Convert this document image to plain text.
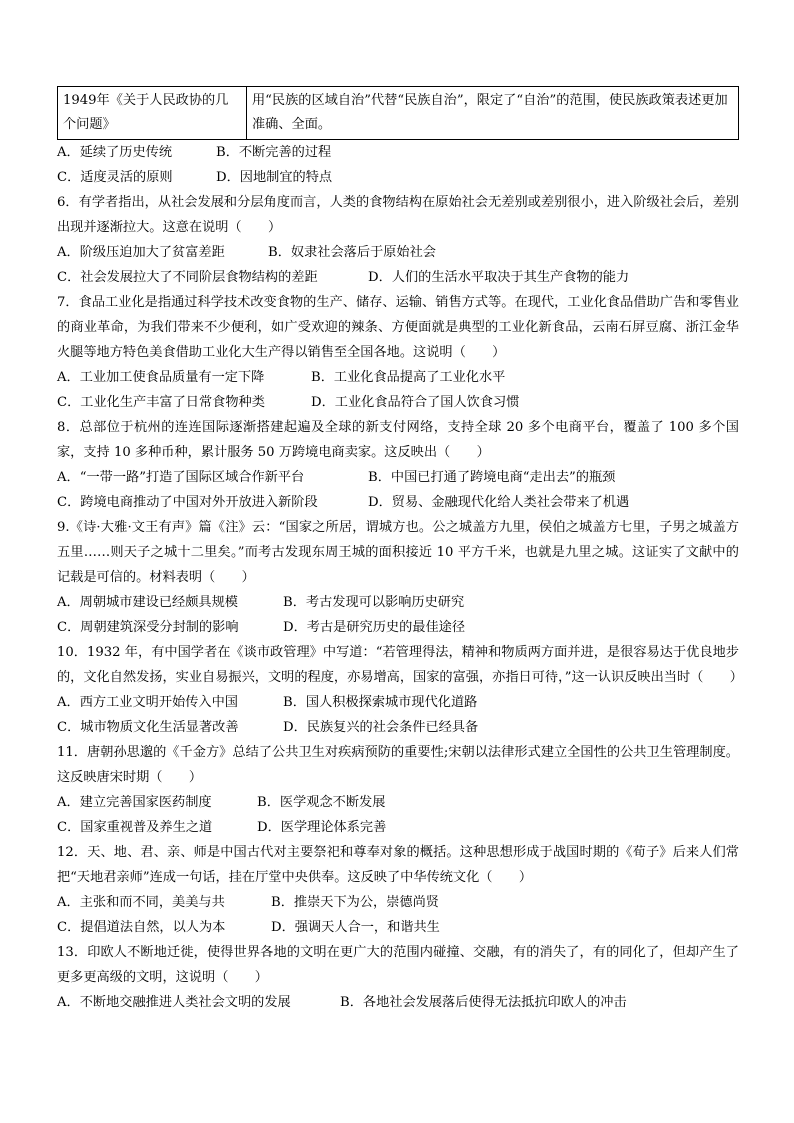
1949年《关于人民政协的几个问题》	用“民族的区域自治”代替“民族自治”，限定了“自治”的范围，使民族政策表述更加准确、全面。
A．延续了历史传统	B．不断完善的过程
C．适度灵活的原则	D．因地制宜的特点
6．有学者指出，从社会发展和分层角度而言，人类的食物结构在原始社会无差别或差别很小，进入阶级社会后，差别出现并逐渐拉大。这意在说明（　　）
A．阶级压迫加大了贫富差距	B．奴隶社会落后于原始社会
C．社会发展拉大了不同阶层食物结构的差距	D．人们的生活水平取决于其生产食物的能力
7．食品工业化是指通过科学技术改变食物的生产、储存、运输、销售方式等。在现代，工业化食品借助广告和零售业的商业革命，为我们带来不少便利，如广受欢迎的辣条、方便面就是典型的工业化新食品，云南石屏豆腐、浙江金华火腿等地方特色美食借助工业化大生产得以销售至全国各地。这说明（　　）
A．工业加工使食品质量有一定下降	B．工业化食品提高了工业化水平
C．工业化生产丰富了日常食物种类	D．工业化食品符合了国人饮食习惯
8．总部位于杭州的连连国际逐渐搭建起遍及全球的新支付网络，支持全球 20 多个电商平台，覆盖了 100 多个国家，支持 10 多种币种，累计服务 50 万跨境电商卖家。这反映出（　　）
A．“一带一路”打造了国际区域合作新平台	B．中国已打通了跨境电商“走出去”的瓶颈
C．跨境电商推动了中国对外开放进入新阶段	D．贸易、金融现代化给人类社会带来了机遇
9.《诗·大雅·文王有声》篇《注》云：“国家之所居，谓城方也。公之城盖方九里，侯伯之城盖方七里，子男之城盖方五里……则天子之城十二里矣。”而考古发现东周王城的面积接近 10 平方千米，也就是九里之城。这证实了文献中的记载是可信的。材料表明（　　）
A．周朝城市建设已经颇具规模	B．考古发现可以影响历史研究
C．周朝建筑深受分封制的影响	D．考古是研究历史的最佳途径
10．1932 年，有中国学者在《谈市政管理》中写道：“若管理得法，精神和物质两方面并进，是很容易达于优良地步的，文化自然发扬，实业自易振兴，文明的程度，亦易增高，国家的富强，亦指日可待，”这一认识反映出当时（　　）
A．西方工业文明开始传入中国	B．国人积极探索城市现代化道路
C．城市物质文化生活显著改善	D．民族复兴的社会条件已经具备
11．唐朝孙思邈的《千金方》总结了公共卫生对疾病预防的重要性;宋朝以法律形式建立全国性的公共卫生管理制度。这反映唐宋时期（　　）
A．建立完善国家医药制度	B．医学观念不断发展
C．国家重视普及养生之道	D．医学理论体系完善
12．天、地、君、亲、师是中国古代对主要祭祀和尊奉对象的概括。这种思想形成于战国时期的《荀子》后来人们常把“天地君亲师”连成一句话，挂在厅堂中央供奉。这反映了中华传统文化（　　）
A．主张和而不同，美美与共	B．推崇天下为公，崇德尚贤
C．提倡道法自然，以人为本	D．强调天人合一，和谐共生
13．印欧人不断地迁徙，使得世界各地的文明在更广大的范围内碰撞、交融，有的消失了，有的同化了，但却产生了更多更高级的文明，这说明（　　）
A．不断地交融推进人类社会文明的发展	B．各地社会发展落后使得无法抵抗印欧人的冲击
